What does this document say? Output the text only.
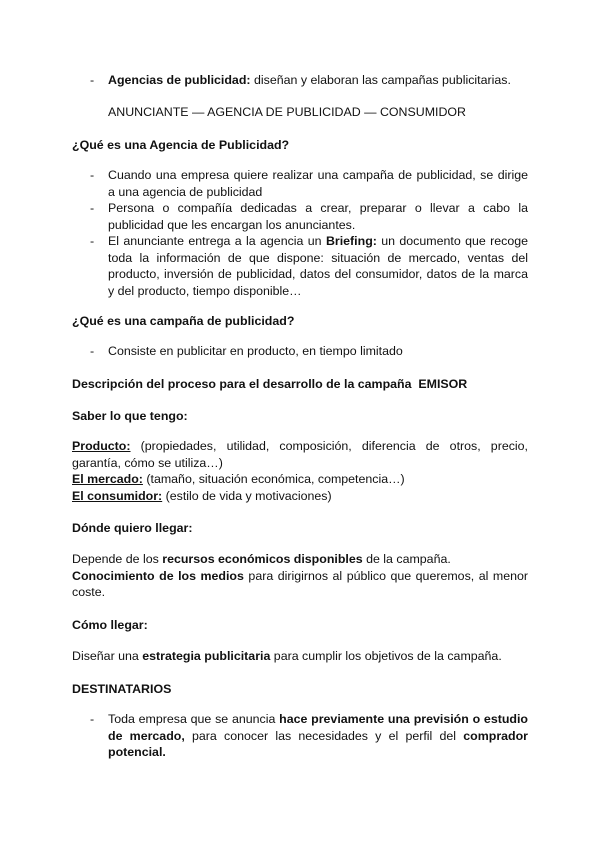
- Agencias de publicidad: diseñan y elaboran las campañas publicitarias.
ANUNCIANTE — AGENCIA DE PUBLICIDAD — CONSUMIDOR
¿Qué es una Agencia de Publicidad?
- Cuando una empresa quiere realizar una campaña de publicidad, se dirige a una agencia de publicidad
- Persona o compañía dedicadas a crear, preparar o llevar a cabo la publicidad que les encargan los anunciantes.
- El anunciante entrega a la agencia un Briefing: un documento que recoge toda la información de que dispone: situación de mercado, ventas del producto, inversión de publicidad, datos del consumidor, datos de la marca y del producto, tiempo disponible…
¿Qué es una campaña de publicidad?
- Consiste en publicitar en producto, en tiempo limitado
Descripción del proceso para el desarrollo de la campaña  EMISOR
Saber lo que tengo:
Producto: (propiedades, utilidad, composición, diferencia de otros, precio, garantía, cómo se utiliza…)
El mercado: (tamaño, situación económica, competencia…)
El consumidor: (estilo de vida y motivaciones)
Dónde quiero llegar:
Depende de los recursos económicos disponibles de la campaña.
Conocimiento de los medios para dirigirnos al público que queremos, al menor coste.
Cómo llegar:
Diseñar una estrategia publicitaria para cumplir los objetivos de la campaña.
DESTINATARIOS
- Toda empresa que se anuncia hace previamente una previsión o estudio de mercado, para conocer las necesidades y el perfil del comprador potencial.
